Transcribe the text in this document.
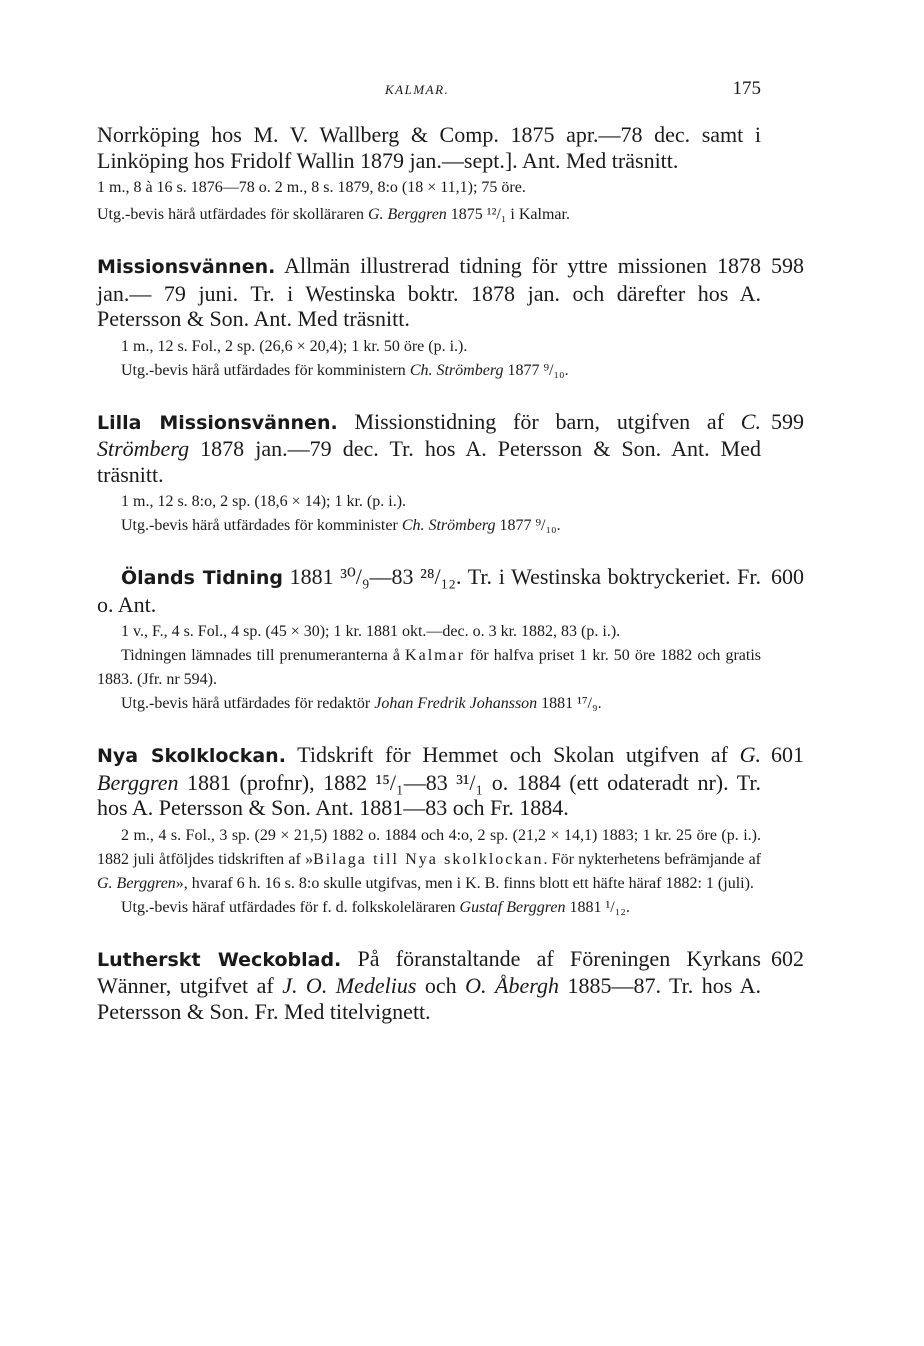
KALMAR.	175
Norrköping hos M. V. Wallberg & Comp. 1875 apr.—78 dec. samt i Linköping hos Fridolf Wallin 1879 jan.—sept.]. Ant. Med träsnitt.
1 m., 8 à 16 s. 1876—78 o. 2 m., 8 s. 1879, 8:o (18 × 11,1); 75 öre.
Utg.-bevis härå utfärdades för skolläraren G. Berggren 1875 ¹²/₁ i Kalmar.
598
Missionsvännen. Allmän illustrerad tidning för yttre missionen 1878 jan.— 79 juni. Tr. i Westinska boktr. 1878 jan. och därefter hos A. Petersson & Son. Ant. Med träsnitt.
1 m., 12 s. Fol., 2 sp. (26,6 × 20,4); 1 kr. 50 öre (p. i.).
Utg.-bevis härå utfärdades för komministern Ch. Strömberg 1877 ⁹/₁₀.
599
Lilla Missionsvännen. Missionstidning för barn, utgifven af C. Strömberg 1878 jan.—79 dec. Tr. hos A. Petersson & Son. Ant. Med träsnitt.
1 m., 12 s. 8:o, 2 sp. (18,6 × 14); 1 kr. (p. i.).
Utg.-bevis härå utfärdades för komminister Ch. Strömberg 1877 ⁹/₁₀.
600
Ölands Tidning 1881 ³⁰/₉—83 ²⁸/₁₂. Tr. i Westinska boktryckeriet. Fr. o. Ant.
1 v., F., 4 s. Fol., 4 sp. (45 × 30); 1 kr. 1881 okt.—dec. o. 3 kr. 1882, 83 (p. i.).
Tidningen lämnades till prenumeranterna å Kalmar för halfva priset 1 kr. 50 öre 1882 och gratis 1883. (Jfr. nr 594).
Utg.-bevis härå utfärdades för redaktör Johan Fredrik Johansson 1881 ¹⁷/₉.
601
Nya Skolklockan. Tidskrift för Hemmet och Skolan utgifven af G. Berggren 1881 (profnr), 1882 ¹⁵/₁—83 ³¹/₁ o. 1884 (ett odateradt nr). Tr. hos A. Petersson & Son. Ant. 1881—83 och Fr. 1884.
2 m., 4 s. Fol., 3 sp. (29 × 21,5) 1882 o. 1884 och 4:o, 2 sp. (21,2 × 14,1) 1883; 1 kr. 25 öre (p. i.). 1882 juli åtföljdes tidskriften af »Bilaga till Nya skolklockan. För nykterhetens befrämjande af G. Berggren», hvaraf 6 h. 16 s. 8:o skulle utgifvas, men i K. B. finns blott ett häfte häraf 1882: 1 (juli).
Utg.-bevis häraf utfärdades för f. d. folkskoleläraren Gustaf Berggren 1881 ¹/₁₂.
602
Lutherskt Weckoblad. På föranstaltande af Föreningen Kyrkans Wänner, utgifvet af J. O. Medelius och O. Åbergh 1885—87. Tr. hos A. Petersson & Son. Fr. Med titelvignett.
